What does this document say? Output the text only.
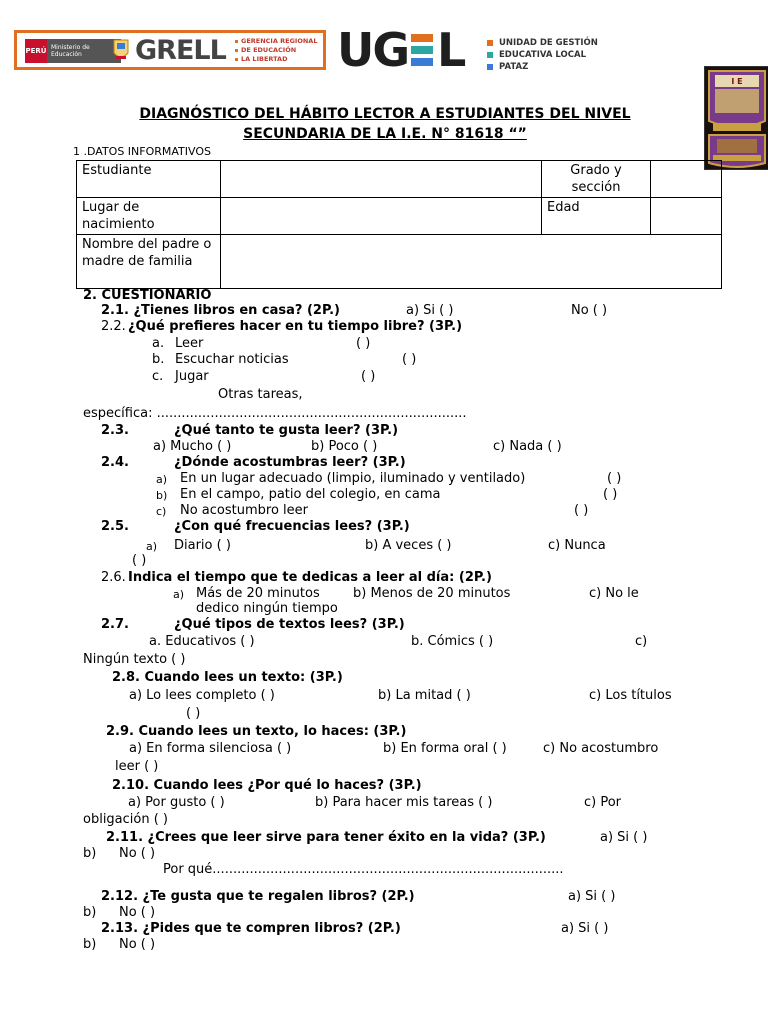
PERÚ Ministerio de Educación	GRELL GERENCIA REGIONAL
DE EDUCACIÓN
LA LIBERTAD UG L	UNIDAD DE GESTIÓN
EDUCATIVA LOCAL
PATAZ
I E
DIAGNÓSTICO DEL HÁBITO LECTOR A ESTUDIANTES DEL NIVEL
SECUNDARIA DE LA I.E. N° 81618 “”
1 .DATOS INFORMATIVOS
Estudiante		Grado y sección	
Lugar de nacimiento		Edad	
Nombre del padre o madre de familia			
2. CUESTIONARIO
2.1. ¿Tienes libros en casa? (2P.)	a) Si ( )	No ( )
2.2. ¿Qué prefieres hacer en tu tiempo libre? (3P.)
a. Leer	( )
b. Escuchar noticias	( )
c. Jugar	( )
Otras tareas,
específica: ...........................................................................
2.3.	¿Qué tanto te gusta leer? (3P.)
a) Mucho ( )	b) Poco ( )	c) Nada ( )
2.4.	¿Dónde acostumbras leer? (3P.)
a) En un lugar adecuado (limpio, iluminado y ventilado)	( )
b) En el campo, patio del colegio, en cama	( )
c) No acostumbro leer	( )
2.5.	¿Con qué frecuencias lees? (3P.)
a) Diario ( )	b) A veces ( )	c) Nunca
( )
2.6. Indica el tiempo que te dedicas a leer al día: (2P.)
a) Más de 20 minutos	b) Menos de 20 minutos	c) No le
dedico ningún tiempo
2.7.	¿Qué tipos de textos lees? (3P.)
a. Educativos ( )	b. Cómics ( )	c)
Ningún texto ( )
2.8. Cuando lees un texto: (3P.)
a) Lo lees completo ( )	b) La mitad ( )	c) Los títulos
( )
2.9. Cuando lees un texto, lo haces: (3P.)
a) En forma silenciosa ( )	b) En forma oral ( )	c) No acostumbro
leer ( )
2.10. Cuando lees ¿Por qué lo haces? (3P.)
a) Por gusto ( )	b) Para hacer mis tareas ( )	c) Por
obligación ( )
2.11. ¿Crees que leer sirve para tener éxito en la vida? (3P.)	a) Si ( )
b) No ( )
Por qué.....................................................................................
2.12. ¿Te gusta que te regalen libros? (2P.)	a) Si ( )
b) No ( )
2.13. ¿Pides que te compren libros? (2P.)	a) Si ( )
b) No ( )
